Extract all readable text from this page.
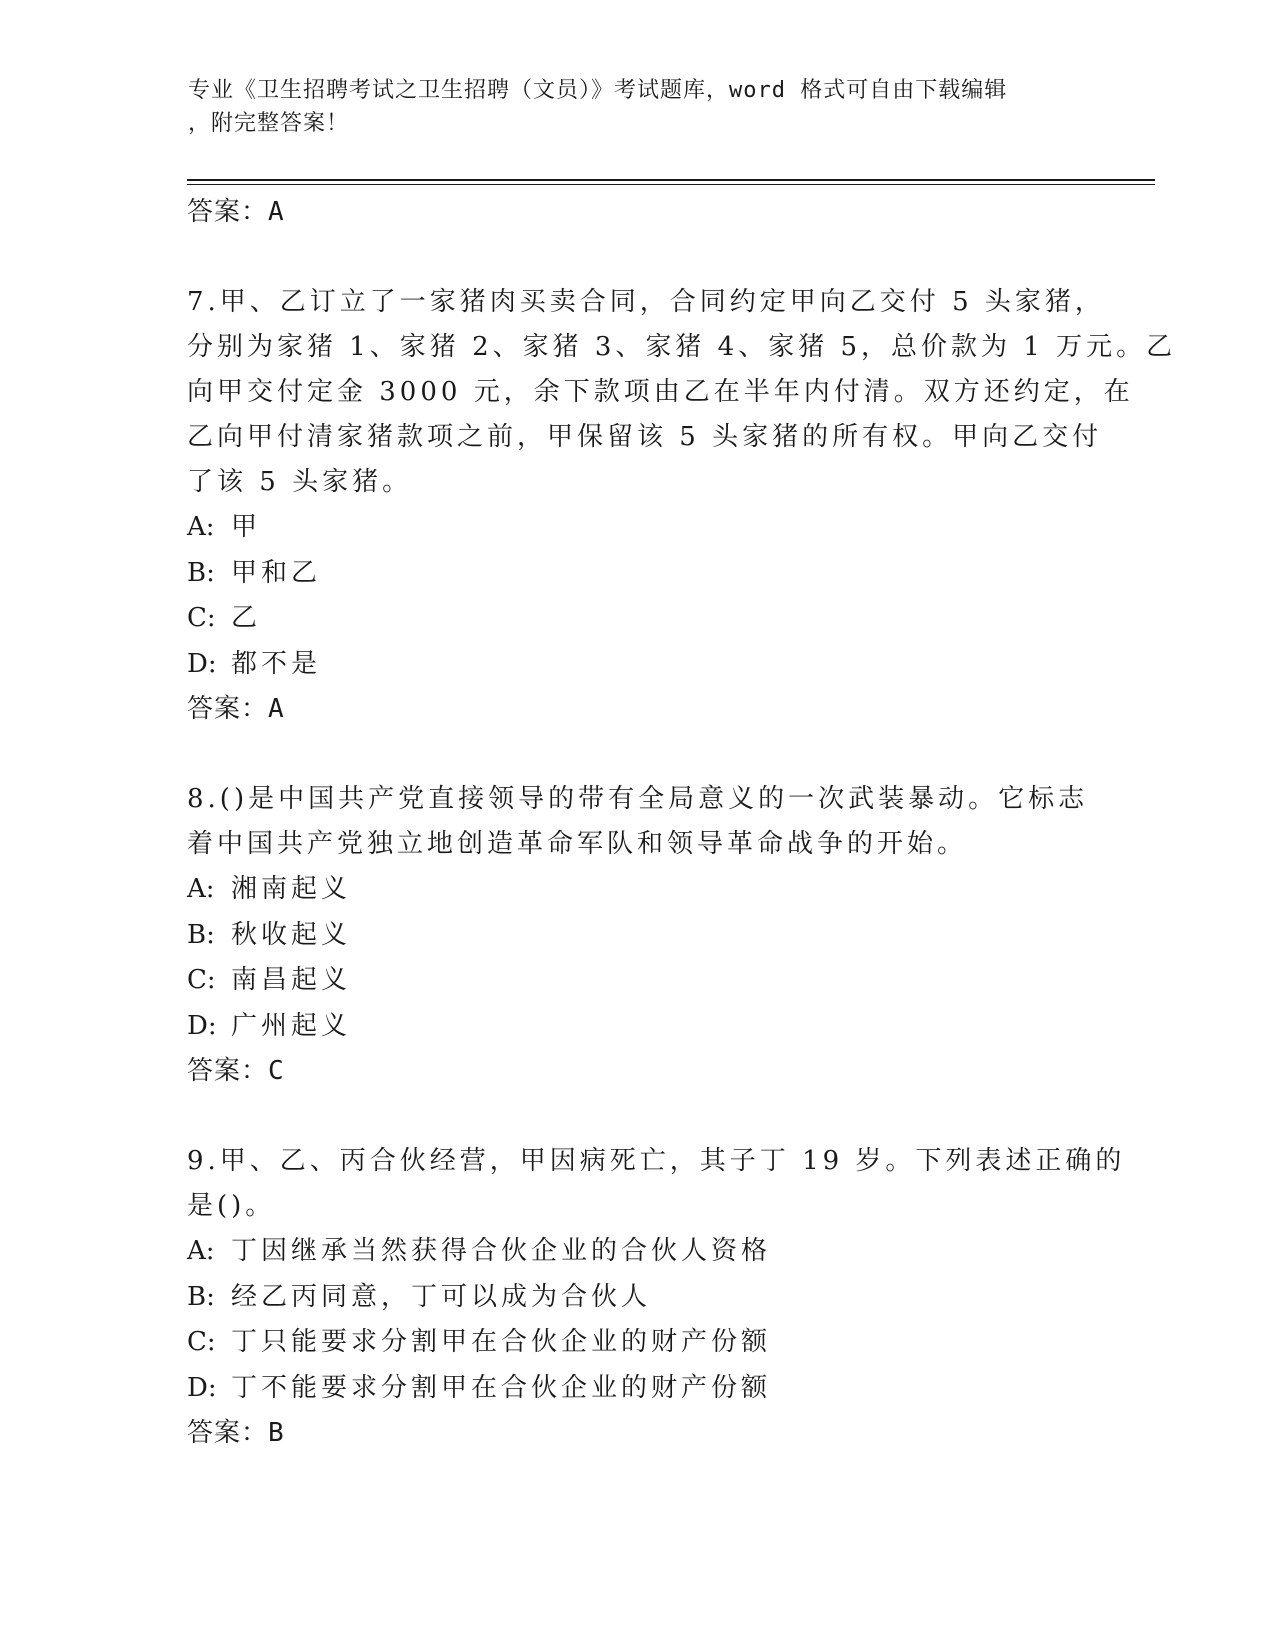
专业《卫生招聘考试之卫生招聘（文员）》考试题库，word 格式可自由下载编辑
，附完整答案！
答案：A
7.甲、乙订立了一家猪肉买卖合同，合同约定甲向乙交付 5 头家猪，
分别为家猪 1、家猪 2、家猪 3、家猪 4、家猪 5，总价款为 1 万元。乙
向甲交付定金 3000 元，余下款项由乙在半年内付清。双方还约定，在
乙向甲付清家猪款项之前，甲保留该 5 头家猪的所有权。甲向乙交付
了该 5 头家猪。
A: 甲
B: 甲和乙
C: 乙
D: 都不是
答案：A
8.()是中国共产党直接领导的带有全局意义的一次武装暴动。它标志
着中国共产党独立地创造革命军队和领导革命战争的开始。
A: 湘南起义
B: 秋收起义
C: 南昌起义
D: 广州起义
答案：C
9.甲、乙、丙合伙经营，甲因病死亡，其子丁 19 岁。下列表述正确的
是()。
A: 丁因继承当然获得合伙企业的合伙人资格
B: 经乙丙同意，丁可以成为合伙人
C: 丁只能要求分割甲在合伙企业的财产份额
D: 丁不能要求分割甲在合伙企业的财产份额
答案：B
